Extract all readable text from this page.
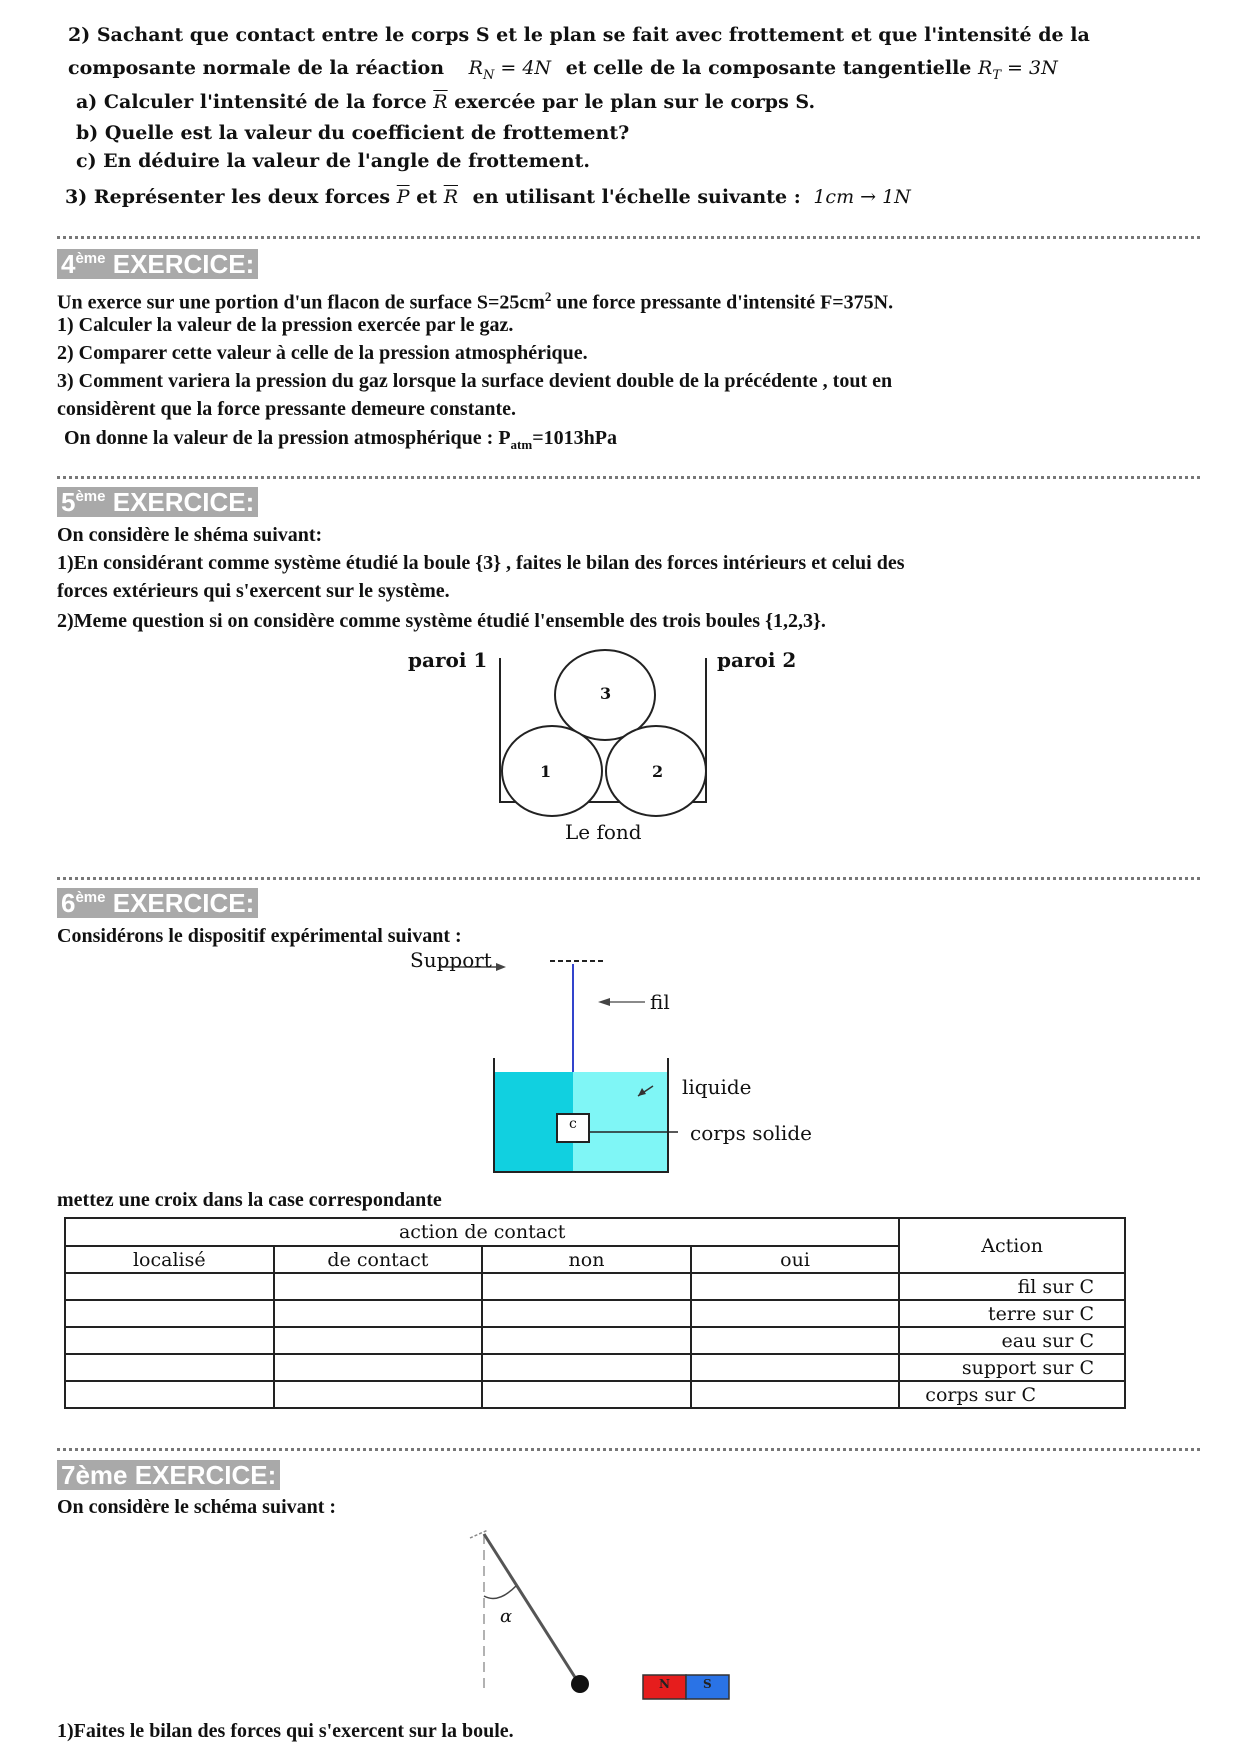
2) Sachant que contact entre le corps S et le plan se fait avec frottement et que l'intensité de la
composante normale de la réaction $R_N = 4N$ et celle de la composante tangentielle $R_T = 3N$
a) Calculer l'intensité de la force $\overline{R}$ exercée par le plan sur le corps S.
b) Quelle est la valeur du coefficient de frottement?
c) En déduire la valeur de l'angle de frottement.
3) Représenter les deux forces $\overline{P}$ et $\overline{R}$ en utilisant l'échelle suivante : 1cm → 1N
4ème EXERCICE:
Un exerce sur une portion d'un flacon de surface $S=25cm^2$ une force pressante d'intensité F=375N.
1) Calculer la valeur de la pression exercée par le gaz.
2) Comparer cette valeur à celle de la pression atmosphérique.
3) Comment variera la pression du gaz lorsque la surface devient double de la précédente , tout en
considèrent que la force pressante demeure constante.
On donne la valeur de la pression atmosphérique : $P_{atm}=1013hPa$
5ème EXERCICE:
On considère le shéma suivant:
1)En considérant comme système étudié la boule {3} , faites le bilan des forces intérieurs et celui des
forces extérieurs qui s'exercent sur le système.
2)Meme question si on considère comme système étudié l'ensemble des trois boules {1,2,3}.
paroi 1	paroi 2
3
1	2
Le fond
6ème EXERCICE:
Considérons le dispositif expérimental suivant :
Support
fil
liquide
corps solide
c
mettez une croix dans la case correspondante
action de contact				Action
localisé	de contact	non	oui	
				fil sur C
				terre sur C
				eau sur C
				support sur C
				corps sur C
7ème EXERCICE:
On considère le schéma suivant :
α
N	S
1)Faites le bilan des forces qui s'exercent sur la boule.
